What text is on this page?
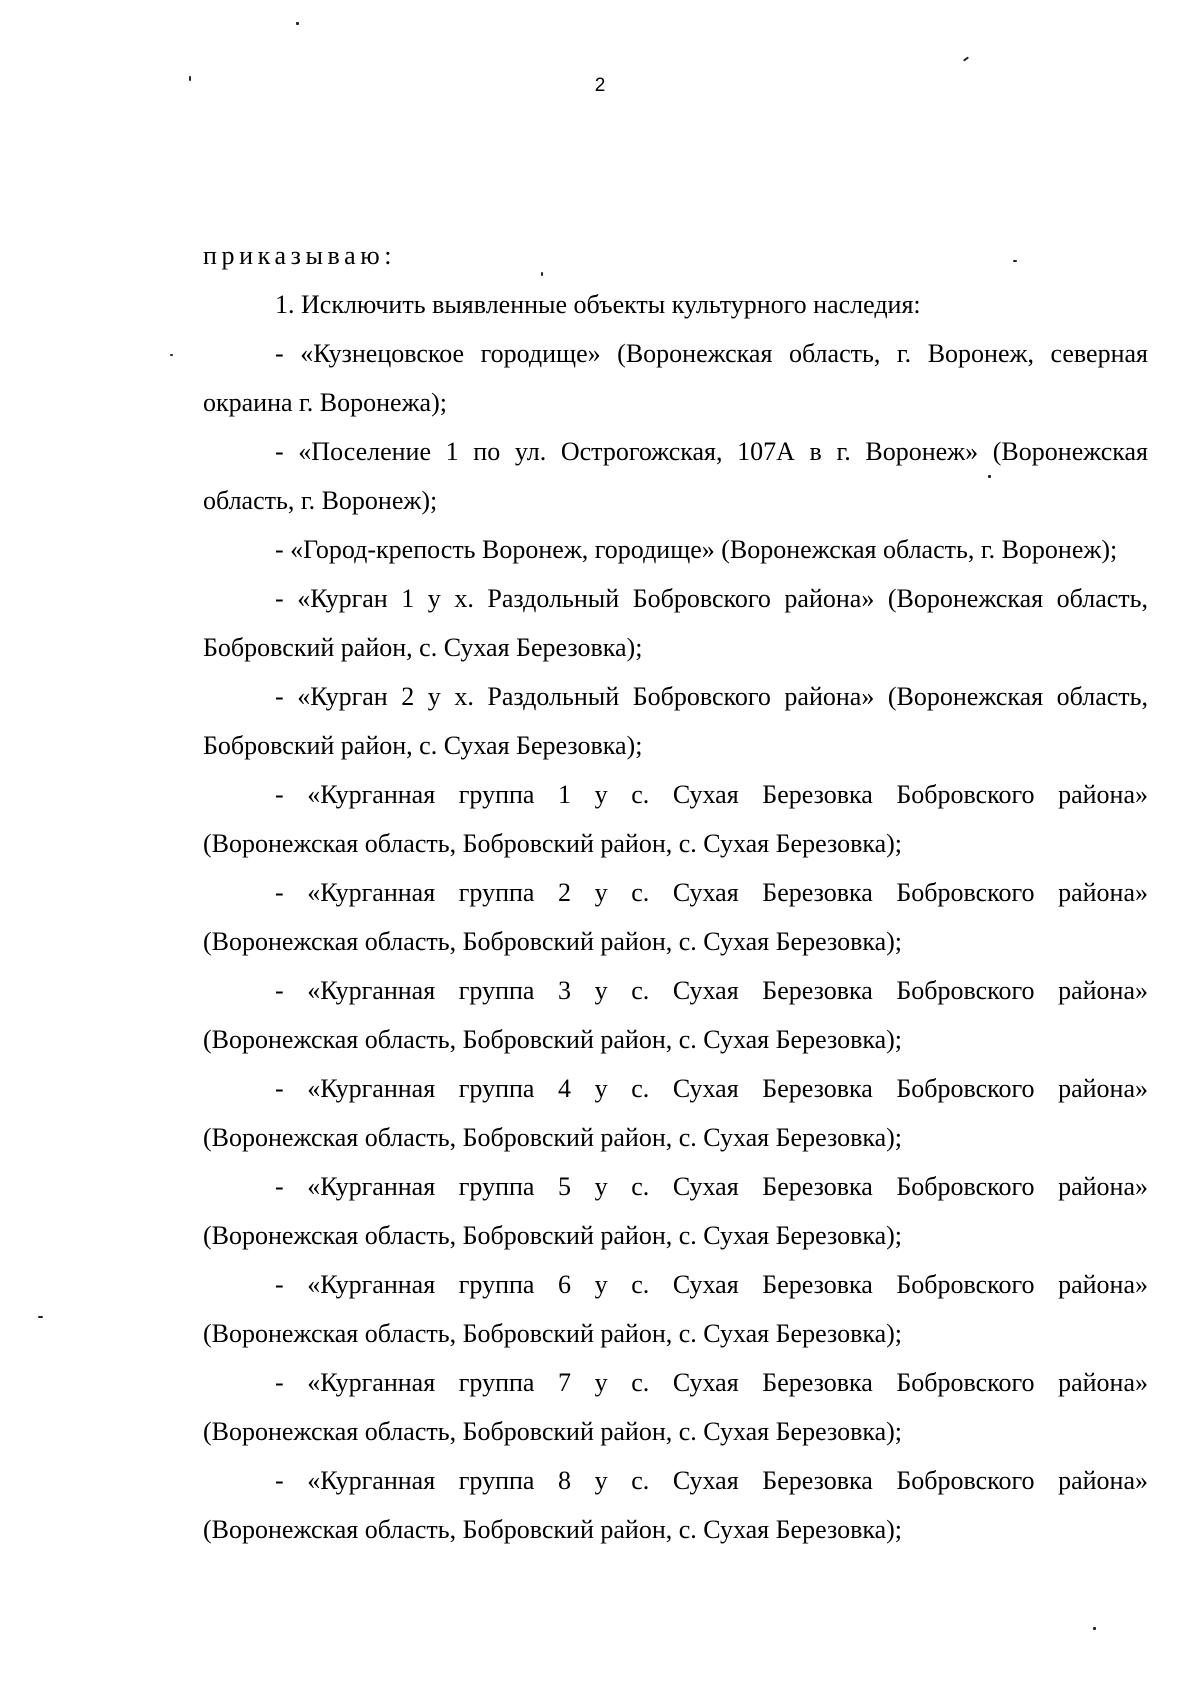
2

приказываю:

1. Исключить выявленные объекты культурного наследия:

- «Кузнецовское городище» (Воронежская область, г. Воронеж, северная окраина г. Воронежа);

- «Поселение 1 по ул. Острогожская, 107А в г. Воронеж» (Воронежская область, г. Воронеж);

- «Город-крепость Воронеж, городище» (Воронежская область, г. Воронеж);

- «Курган 1 у х. Раздольный Бобровского района» (Воронежская область, Бобровский район, с. Сухая Березовка);

- «Курган 2 у х. Раздольный Бобровского района» (Воронежская область, Бобровский район, с. Сухая Березовка);

- «Курганная группа 1 у с. Сухая Березовка Бобровского района» (Воронежская область, Бобровский район, с. Сухая Березовка);

- «Курганная группа 2 у с. Сухая Березовка Бобровского района» (Воронежская область, Бобровский район, с. Сухая Березовка);

- «Курганная группа 3 у с. Сухая Березовка Бобровского района» (Воронежская область, Бобровский район, с. Сухая Березовка);

- «Курганная группа 4 у с. Сухая Березовка Бобровского района» (Воронежская область, Бобровский район, с. Сухая Березовка);

- «Курганная группа 5 у с. Сухая Березовка Бобровского района» (Воронежская область, Бобровский район, с. Сухая Березовка);

- «Курганная группа 6 у с. Сухая Березовка Бобровского района» (Воронежская область, Бобровский район, с. Сухая Березовка);

- «Курганная группа 7 у с. Сухая Березовка Бобровского района» (Воронежская область, Бобровский район, с. Сухая Березовка);

- «Курганная группа 8 у с. Сухая Березовка Бобровского района» (Воронежская область, Бобровский район, с. Сухая Березовка);
